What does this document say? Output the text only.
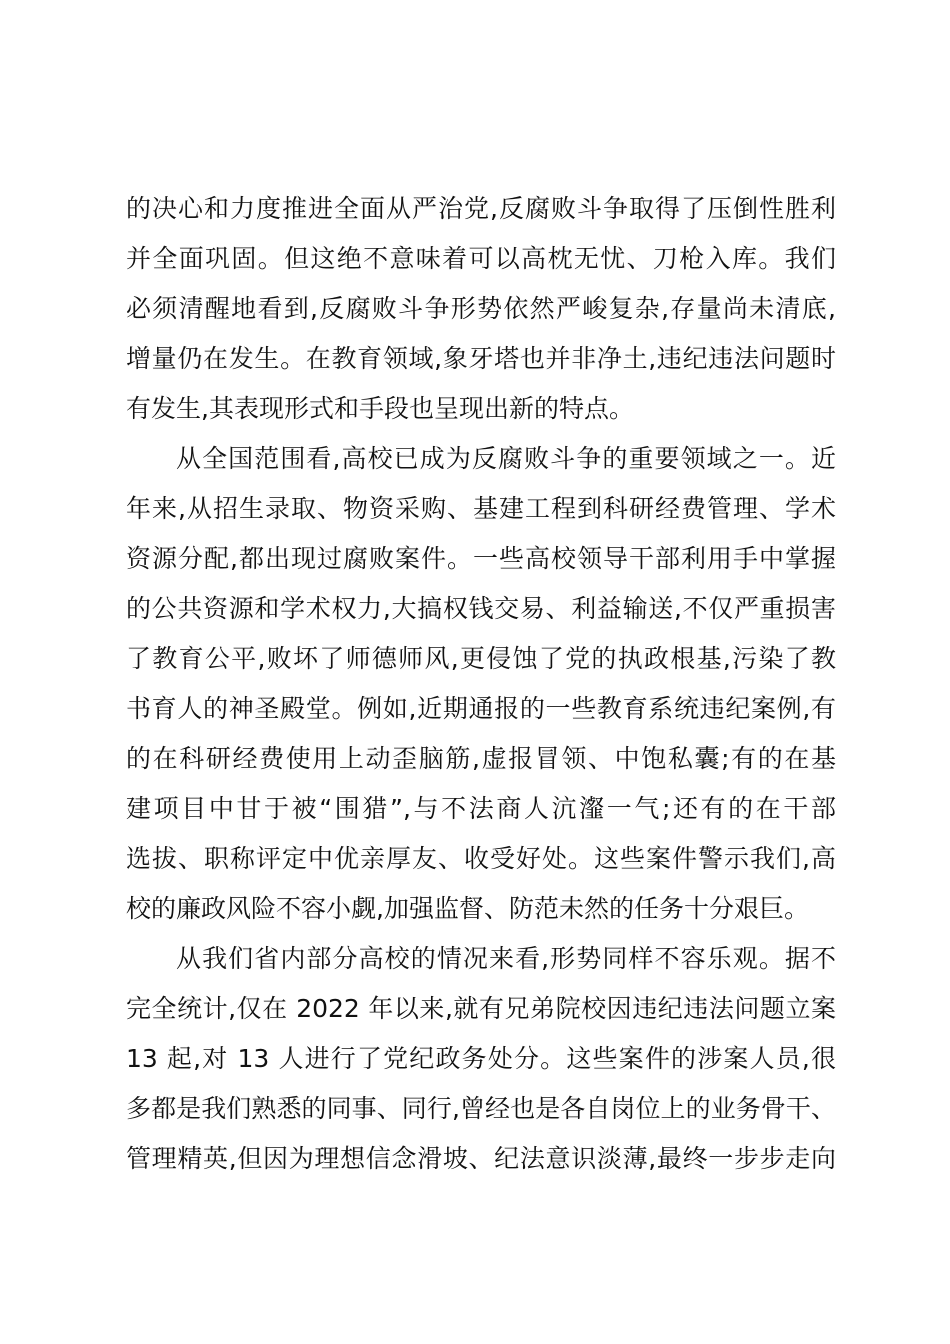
的决心和力度推进全面从严治党,反腐败斗争取得了压倒性胜利
并全面巩固。但这绝不意味着可以高枕无忧、刀枪入库。我们
必须清醒地看到,反腐败斗争形势依然严峻复杂,存量尚未清底,
增量仍在发生。在教育领域,象牙塔也并非净土,违纪违法问题时
有发生,其表现形式和手段也呈现出新的特点。
从全国范围看,高校已成为反腐败斗争的重要领域之一。近
年来,从招生录取、物资采购、基建工程到科研经费管理、学术
资源分配,都出现过腐败案件。一些高校领导干部利用手中掌握
的公共资源和学术权力,大搞权钱交易、利益输送,不仅严重损害
了教育公平,败坏了师德师风,更侵蚀了党的执政根基,污染了教
书育人的神圣殿堂。例如,近期通报的一些教育系统违纪案例,有
的在科研经费使用上动歪脑筋,虚报冒领、中饱私囊;有的在基
建项目中甘于被“围猎”,与不法商人沆瀣一气;还有的在干部
选拔、职称评定中优亲厚友、收受好处。这些案件警示我们,高
校的廉政风险不容小觑,加强监督、防范未然的任务十分艰巨。
从我们省内部分高校的情况来看,形势同样不容乐观。据不
完全统计,仅在 2022 年以来,就有兄弟院校因违纪违法问题立案
13 起,对 13 人进行了党纪政务处分。这些案件的涉案人员,很
多都是我们熟悉的同事、同行,曾经也是各自岗位上的业务骨干、
管理精英,但因为理想信念滑坡、纪法意识淡薄,最终一步步走向
